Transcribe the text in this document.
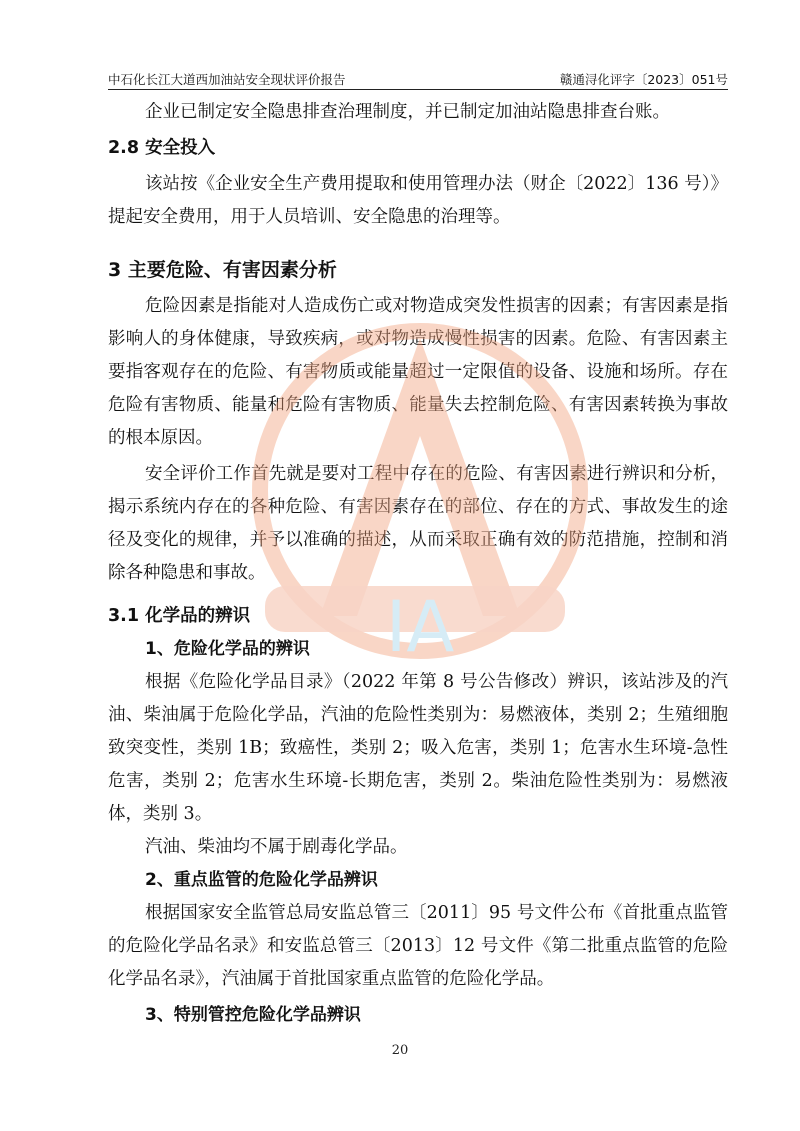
中石化长江大道西加油站安全现状评价报告	赣通浔化评字〔2023〕051号

企业已制定安全隐患排查治理制度，并已制定加油站隐患排查台账。

2.8 安全投入

该站按《企业安全生产费用提取和使用管理办法（财企〔2022〕136 号）》提起安全费用，用于人员培训、安全隐患的治理等。

3 主要危险、有害因素分析

危险因素是指能对人造成伤亡或对物造成突发性损害的因素；有害因素是指影响人的身体健康，导致疾病，或对物造成慢性损害的因素。危险、有害因素主要指客观存在的危险、有害物质或能量超过一定限值的设备、设施和场所。存在危险有害物质、能量和危险有害物质、能量失去控制危险、有害因素转换为事故的根本原因。

安全评价工作首先就是要对工程中存在的危险、有害因素进行辨识和分析，揭示系统内存在的各种危险、有害因素存在的部位、存在的方式、事故发生的途径及变化的规律，并予以准确的描述，从而采取正确有效的防范措施，控制和消除各种隐患和事故。

3.1 化学品的辨识
1、危险化学品的辨识

根据《危险化学品目录》（2022 年第 8 号公告修改）辨识，该站涉及的汽油、柴油属于危险化学品，汽油的危险性类别为：易燃液体，类别 2；生殖细胞致突变性，类别 1B；致癌性，类别 2；吸入危害，类别 1；危害水生环境-急性危害，类别 2；危害水生环境-长期危害，类别 2。柴油危险性类别为：易燃液体，类别 3。

汽油、柴油均不属于剧毒化学品。

2、重点监管的危险化学品辨识

根据国家安全监管总局安监总管三〔2011〕95 号文件公布《首批重点监管的危险化学品名录》和安监总管三〔2013〕12 号文件《第二批重点监管的危险化学品名录》，汽油属于首批国家重点监管的危险化学品。

3、特别管控危险化学品辨识
20
IA
